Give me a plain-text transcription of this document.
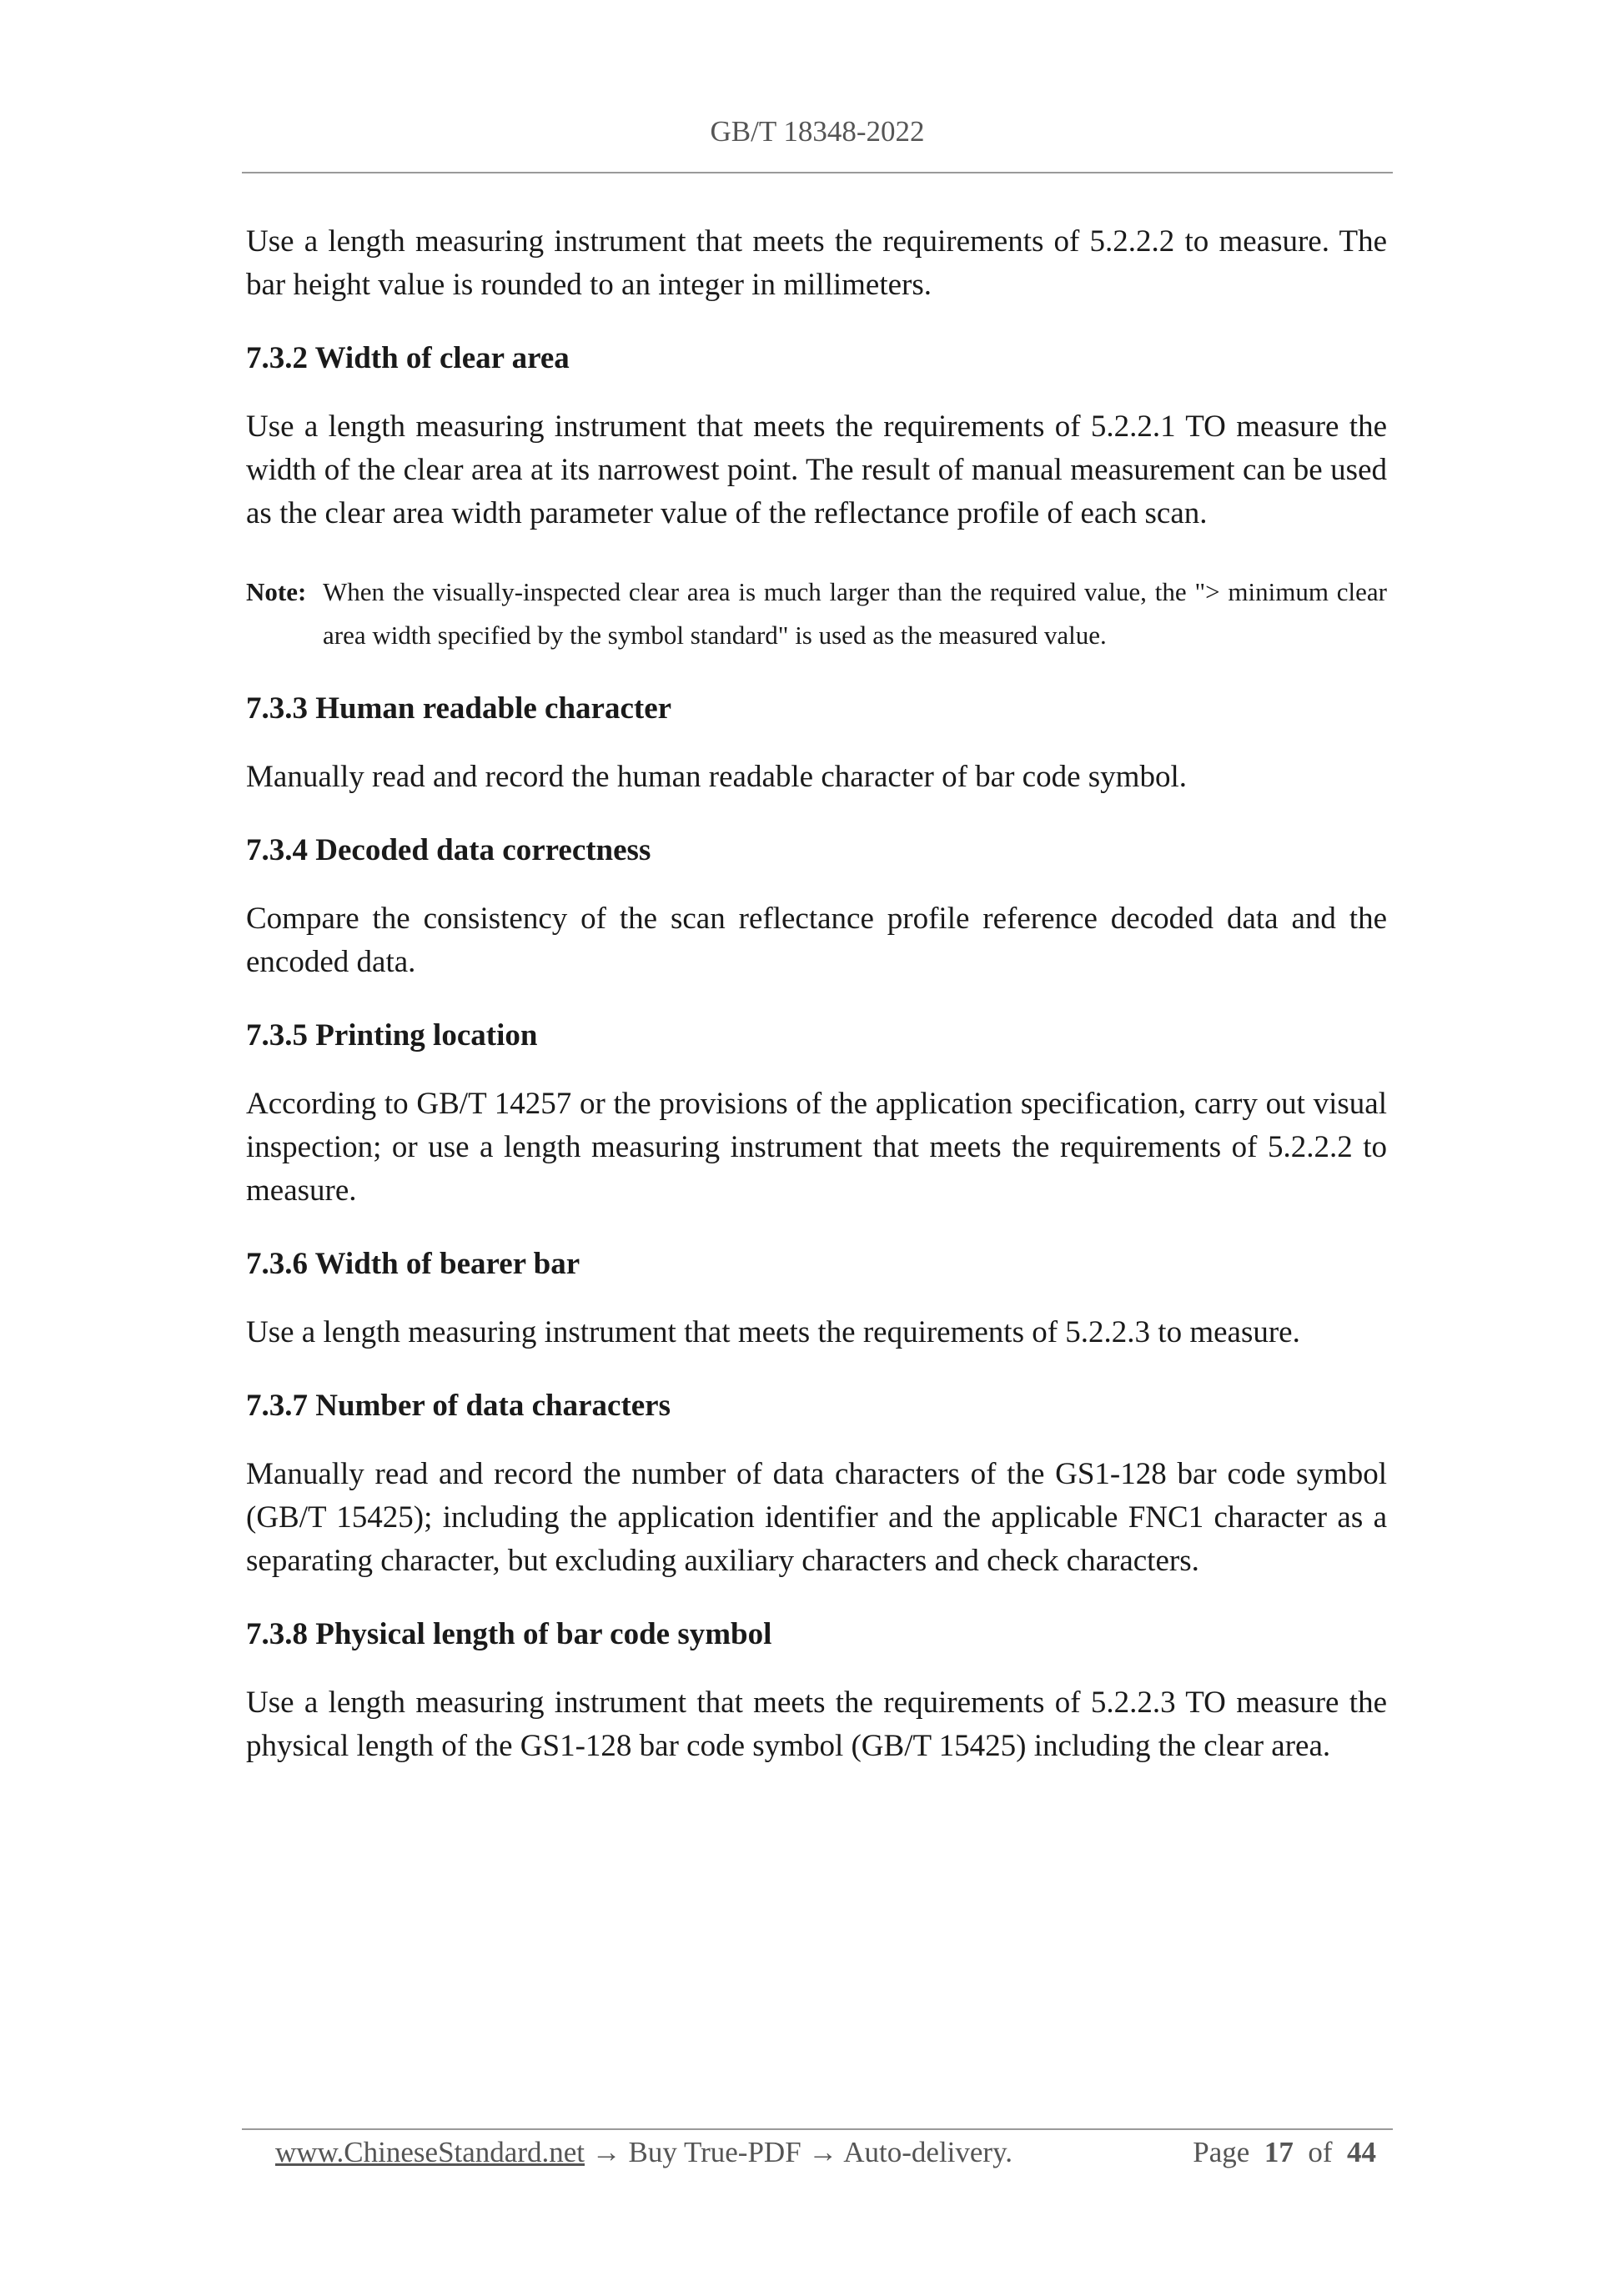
GB/T 18348-2022

Use a length measuring instrument that meets the requirements of 5.2.2.2 to measure. The bar height value is rounded to an integer in millimeters.

7.3.2 Width of clear area

Use a length measuring instrument that meets the requirements of 5.2.2.1 TO measure the width of the clear area at its narrowest point. The result of manual measurement can be used as the clear area width parameter value of the reflectance profile of each scan.

Note: When the visually-inspected clear area is much larger than the required value, the "> minimum clear area width specified by the symbol standard" is used as the measured value.

7.3.3 Human readable character

Manually read and record the human readable character of bar code symbol.

7.3.4 Decoded data correctness

Compare the consistency of the scan reflectance profile reference decoded data and the encoded data.

7.3.5 Printing location

According to GB/T 14257 or the provisions of the application specification, carry out visual inspection; or use a length measuring instrument that meets the requirements of 5.2.2.2 to measure.

7.3.6 Width of bearer bar

Use a length measuring instrument that meets the requirements of 5.2.2.3 to measure.

7.3.7 Number of data characters

Manually read and record the number of data characters of the GS1-128 bar code symbol (GB/T 15425); including the application identifier and the applicable FNC1 character as a separating character, but excluding auxiliary characters and check characters.

7.3.8 Physical length of bar code symbol

Use a length measuring instrument that meets the requirements of 5.2.2.3 TO measure the physical length of the GS1-128 bar code symbol (GB/T 15425) including the clear area.

www.ChineseStandard.net → Buy True-PDF → Auto-delivery.	Page 17 of 44
